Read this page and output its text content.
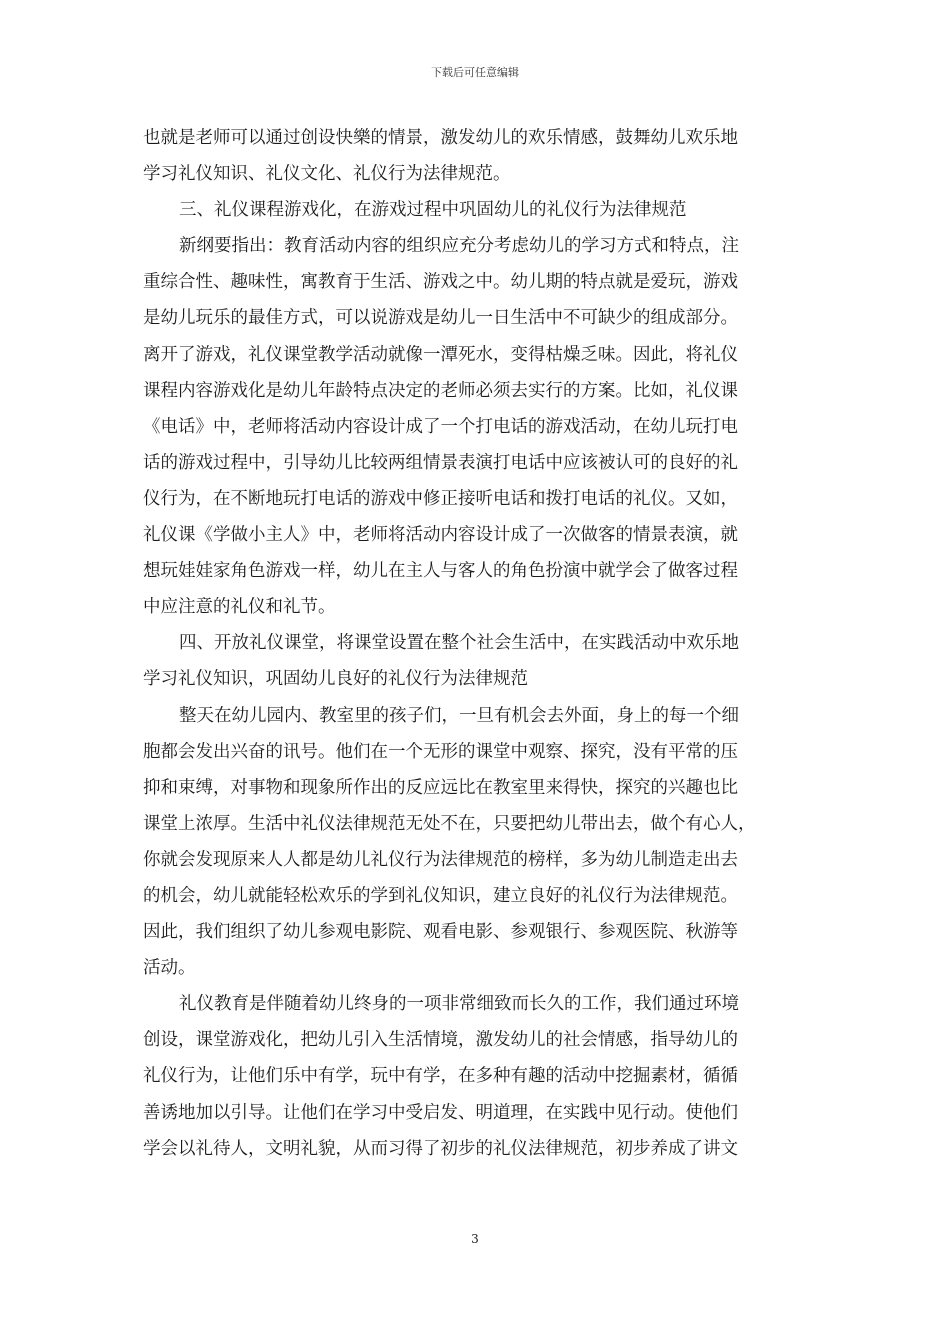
下载后可任意编辑
也就是老师可以通过创设快樂的情景，激发幼儿的欢乐情感，鼓舞幼儿欢乐地
学习礼仪知识、礼仪文化、礼仪行为法律规范。
三、礼仪课程游戏化，在游戏过程中巩固幼儿的礼仪行为法律规范
新纲要指出：教育活动内容的组织应充分考虑幼儿的学习方式和特点，注
重综合性、趣味性，寓教育于生活、游戏之中。幼儿期的特点就是爱玩，游戏
是幼儿玩乐的最佳方式，可以说游戏是幼儿一日生活中不可缺少的组成部分。
离开了游戏，礼仪课堂教学活动就像一潭死水，变得枯燥乏味。因此，将礼仪
课程内容游戏化是幼儿年龄特点决定的老师必须去实行的方案。比如，礼仪课
《电话》中，老师将活动内容设计成了一个打电话的游戏活动，在幼儿玩打电
话的游戏过程中，引导幼儿比较两组情景表演打电话中应该被认可的良好的礼
仪行为，在不断地玩打电话的游戏中修正接听电话和拨打电话的礼仪。又如，
礼仪课《学做小主人》中，老师将活动内容设计成了一次做客的情景表演，就
想玩娃娃家角色游戏一样，幼儿在主人与客人的角色扮演中就学会了做客过程
中应注意的礼仪和礼节。
四、开放礼仪课堂，将课堂设置在整个社会生活中，在实践活动中欢乐地
学习礼仪知识，巩固幼儿良好的礼仪行为法律规范
整天在幼儿园内、教室里的孩子们，一旦有机会去外面，身上的每一个细
胞都会发出兴奋的讯号。他们在一个无形的课堂中观察、探究，没有平常的压
抑和束缚，对事物和现象所作出的反应远比在教室里来得快，探究的兴趣也比
课堂上浓厚。生活中礼仪法律规范无处不在，只要把幼儿带出去，做个有心人，
你就会发现原来人人都是幼儿礼仪行为法律规范的榜样，多为幼儿制造走出去
的机会，幼儿就能轻松欢乐的学到礼仪知识，建立良好的礼仪行为法律规范。
因此，我们组织了幼儿参观电影院、观看电影、参观银行、参观医院、秋游等
活动。
礼仪教育是伴随着幼儿终身的一项非常细致而长久的工作，我们通过环境
创设，课堂游戏化，把幼儿引入生活情境，激发幼儿的社会情感，指导幼儿的
礼仪行为，让他们乐中有学，玩中有学，在多种有趣的活动中挖掘素材，循循
善诱地加以引导。让他们在学习中受启发、明道理，在实践中见行动。使他们
学会以礼待人，文明礼貌，从而习得了初步的礼仪法律规范，初步养成了讲文
3
